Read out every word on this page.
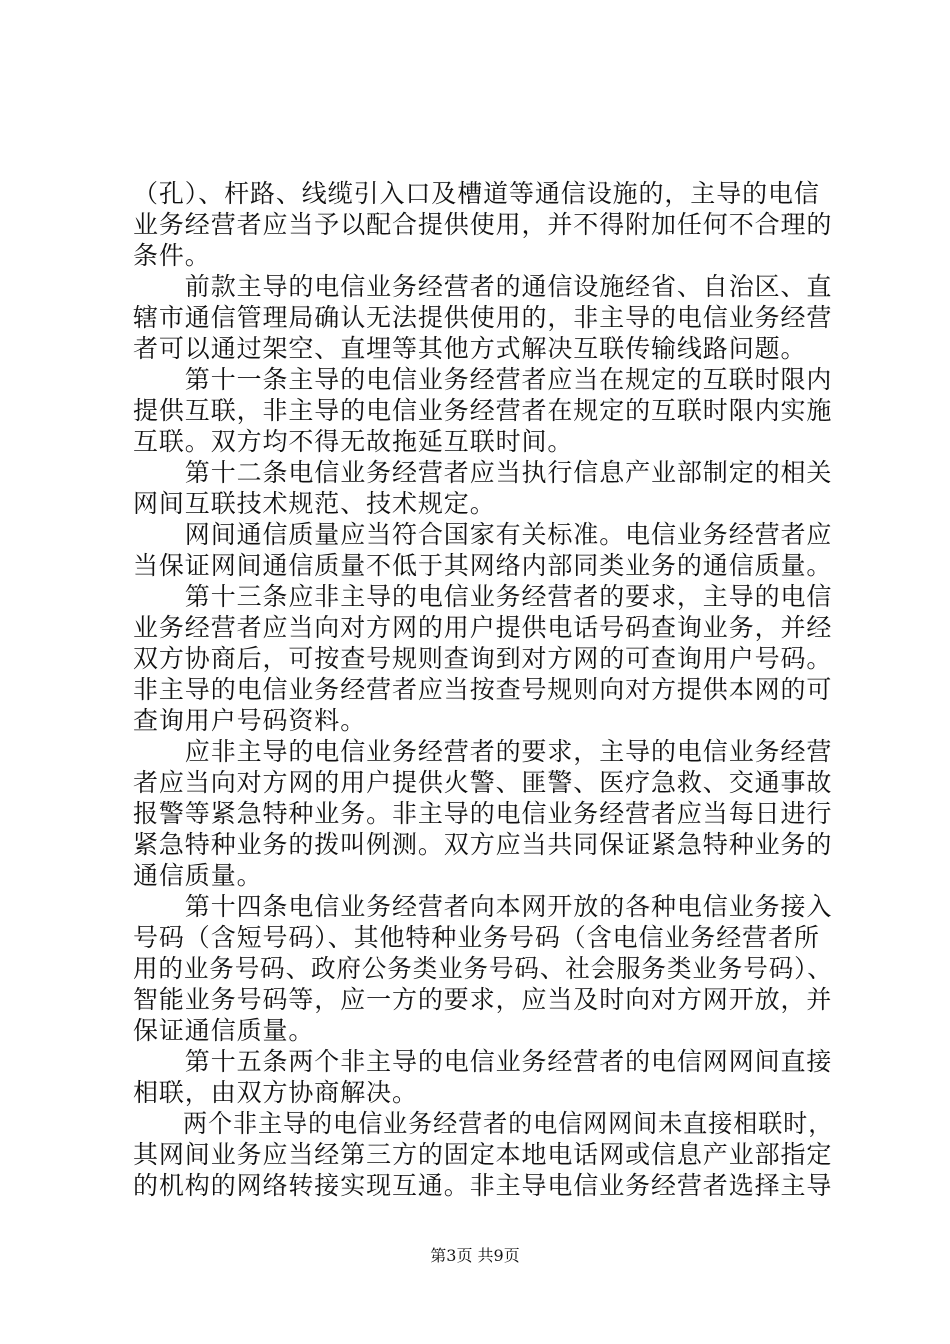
（孔）、杆路、线缆引入口及槽道等通信设施的，主导的电信
业务经营者应当予以配合提供使用，并不得附加任何不合理的
条件。
　　前款主导的电信业务经营者的通信设施经省、自治区、直
辖市通信管理局确认无法提供使用的，非主导的电信业务经营
者可以通过架空、直埋等其他方式解决互联传输线路问题。
　　第十一条主导的电信业务经营者应当在规定的互联时限内
提供互联，非主导的电信业务经营者在规定的互联时限内实施
互联。双方均不得无故拖延互联时间。
　　第十二条电信业务经营者应当执行信息产业部制定的相关
网间互联技术规范、技术规定。
　　网间通信质量应当符合国家有关标准。电信业务经营者应
当保证网间通信质量不低于其网络内部同类业务的通信质量。
　　第十三条应非主导的电信业务经营者的要求，主导的电信
业务经营者应当向对方网的用户提供电话号码查询业务，并经
双方协商后，可按查号规则查询到对方网的可查询用户号码。
非主导的电信业务经营者应当按查号规则向对方提供本网的可
查询用户号码资料。
　　应非主导的电信业务经营者的要求，主导的电信业务经营
者应当向对方网的用户提供火警、匪警、医疗急救、交通事故
报警等紧急特种业务。非主导的电信业务经营者应当每日进行
紧急特种业务的拨叫例测。双方应当共同保证紧急特种业务的
通信质量。
　　第十四条电信业务经营者向本网开放的各种电信业务接入
号码（含短号码）、其他特种业务号码（含电信业务经营者所
用的业务号码、政府公务类业务号码、社会服务类业务号码）、
智能业务号码等，应一方的要求，应当及时向对方网开放，并
保证通信质量。
　　第十五条两个非主导的电信业务经营者的电信网网间直接
相联，由双方协商解决。
　　两个非主导的电信业务经营者的电信网网间未直接相联时，
其网间业务应当经第三方的固定本地电话网或信息产业部指定
的机构的网络转接实现互通。非主导电信业务经营者选择主导
第3页 共9页
